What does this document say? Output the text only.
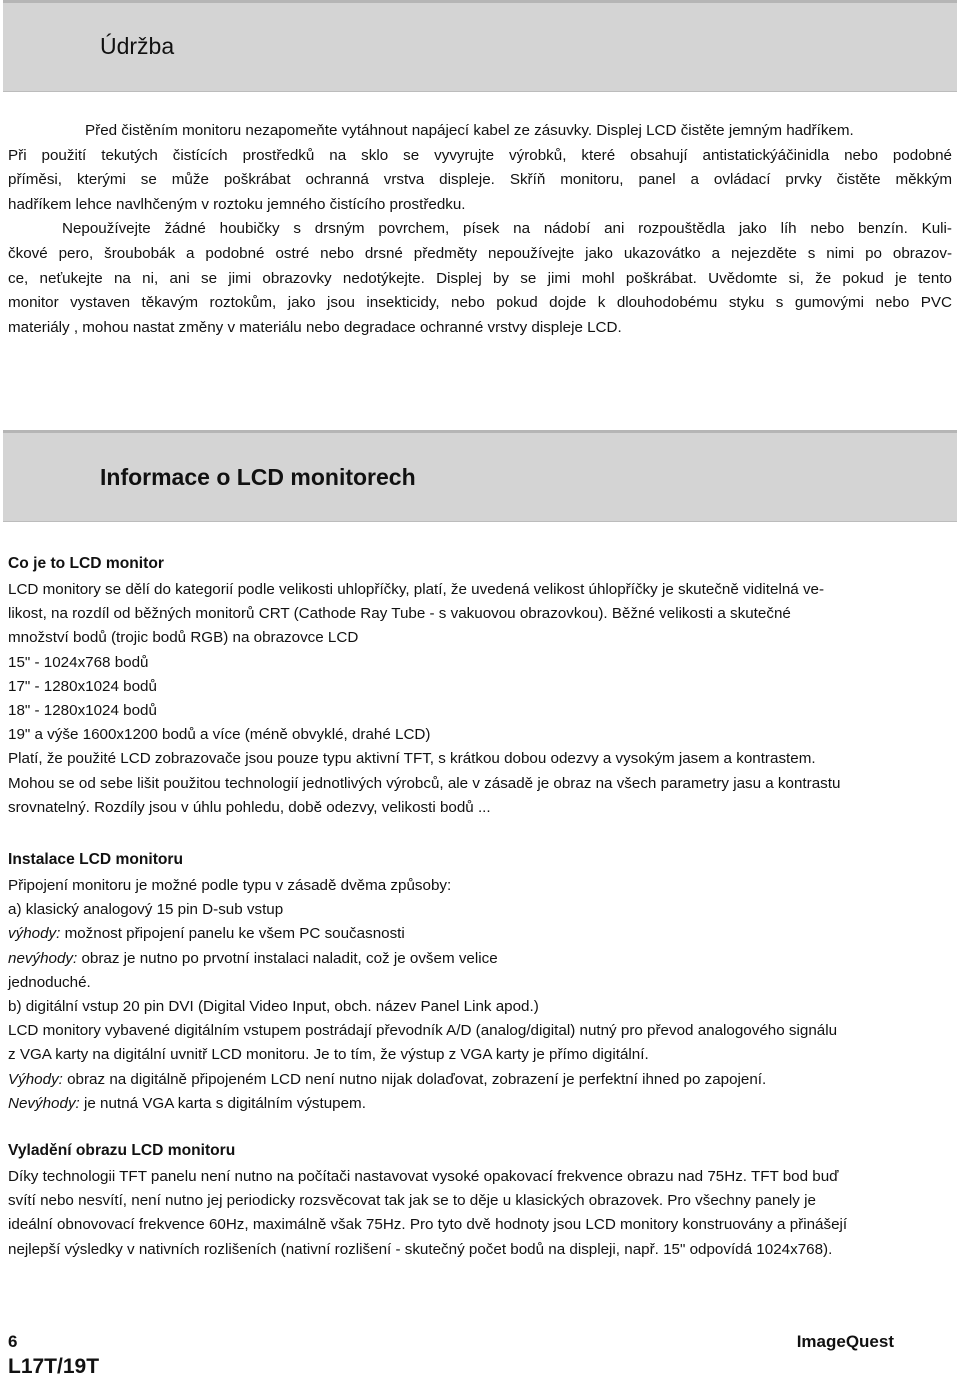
Údržba
Před čistěním monitoru nezapomeňte vytáhnout napájecí kabel ze zásuvky. Displej LCD čistěte jemným hadříkem.
Při použití tekutých čistících prostředků na sklo se vyvyrujte výrobků, které obsahují antistatickýáčinidla nebo podobné
příměsi, kterými se může poškrábat ochranná vrstva displeje. Skříň monitoru, panel a ovládací prvky čistěte měkkým
hadříkem lehce navlhčeným v roztoku jemného čistícího prostředku.
Nepoužívejte žádné houbičky s drsným povrchem, písek na nádobí ani rozpouštědla jako líh nebo benzín. Kuli-
čkové pero, šroubobák a podobné ostré nebo drsné předměty nepoužívejte jako ukazovátko a nejezděte s nimi po obrazov-
ce, neťukejte na ni, ani se jimi obrazovky nedotýkejte. Displej by se jimi mohl poškrábat. Uvědomte si, že pokud je tento
monitor vystaven těkavým roztokům, jako jsou insekticidy, nebo pokud dojde k dlouhodobému styku s gumovými nebo PVC
materiály , mohou nastat změny v materiálu nebo degradace ochranné vrstvy displeje LCD.
Informace o LCD monitorech
Co je to LCD monitor
LCD monitory se dělí do kategorií podle velikosti uhlopříčky, platí, že uvedená velikost úhlopříčky je skutečně viditelná ve-
likost, na rozdíl od běžných monitorů CRT (Cathode Ray Tube - s vakuovou obrazovkou). Běžné velikosti a skutečné
množství bodů (trojic bodů RGB) na obrazovce LCD
15" - 1024x768 bodů
17" - 1280x1024 bodů
18" - 1280x1024 bodů
19" a výše 1600x1200 bodů a více (méně obvyklé, drahé LCD)
Platí, že použité LCD zobrazovače jsou pouze typu aktivní TFT, s krátkou dobou odezvy a vysokým jasem a kontrastem.
Mohou se od sebe lišit použitou technologií jednotlivých výrobců, ale v zásadě je obraz na všech parametry jasu a kontrastu
srovnatelný. Rozdíly jsou v úhlu pohledu, době odezvy, velikosti bodů ...
Instalace LCD monitoru
Připojení monitoru je možné podle typu v zásadě dvěma způsoby:
a) klasický analogový 15 pin D-sub vstup
výhody: možnost připojení panelu ke všem PC současnosti
nevýhody: obraz je nutno po prvotní instalaci naladit, což je ovšem velice
jednoduché.
b) digitální vstup 20 pin DVI (Digital Video Input, obch. název Panel Link apod.)
LCD monitory vybavené digitálním vstupem postrádají převodník A/D (analog/digital) nutný pro převod analogového signálu
z VGA karty na digitální uvnitř LCD monitoru. Je to tím, že výstup z VGA karty je přímo digitální.
Výhody: obraz na digitálně připojeném LCD není nutno nijak dolaďovat, zobrazení je perfektní ihned po zapojení.
Nevýhody: je nutná VGA karta s digitálním výstupem.
Vyladění obrazu LCD monitoru
Díky technologii TFT panelu není nutno na počítači nastavovat vysoké opakovací frekvence obrazu nad 75Hz. TFT bod buď
svítí nebo nesvítí, není nutno jej periodicky rozsvěcovat tak jak se to děje u klasických obrazovek. Pro všechny panely je
ideální obnovovací frekvence 60Hz, maximálně však 75Hz. Pro tyto dvě hodnoty jsou LCD monitory konstruovány a přinášejí
nejlepší výsledky v nativních rozlišeních (nativní rozlišení - skutečný počet bodů na displeji, např. 15" odpovídá 1024x768).
6
L17T/19T
ImageQuest
